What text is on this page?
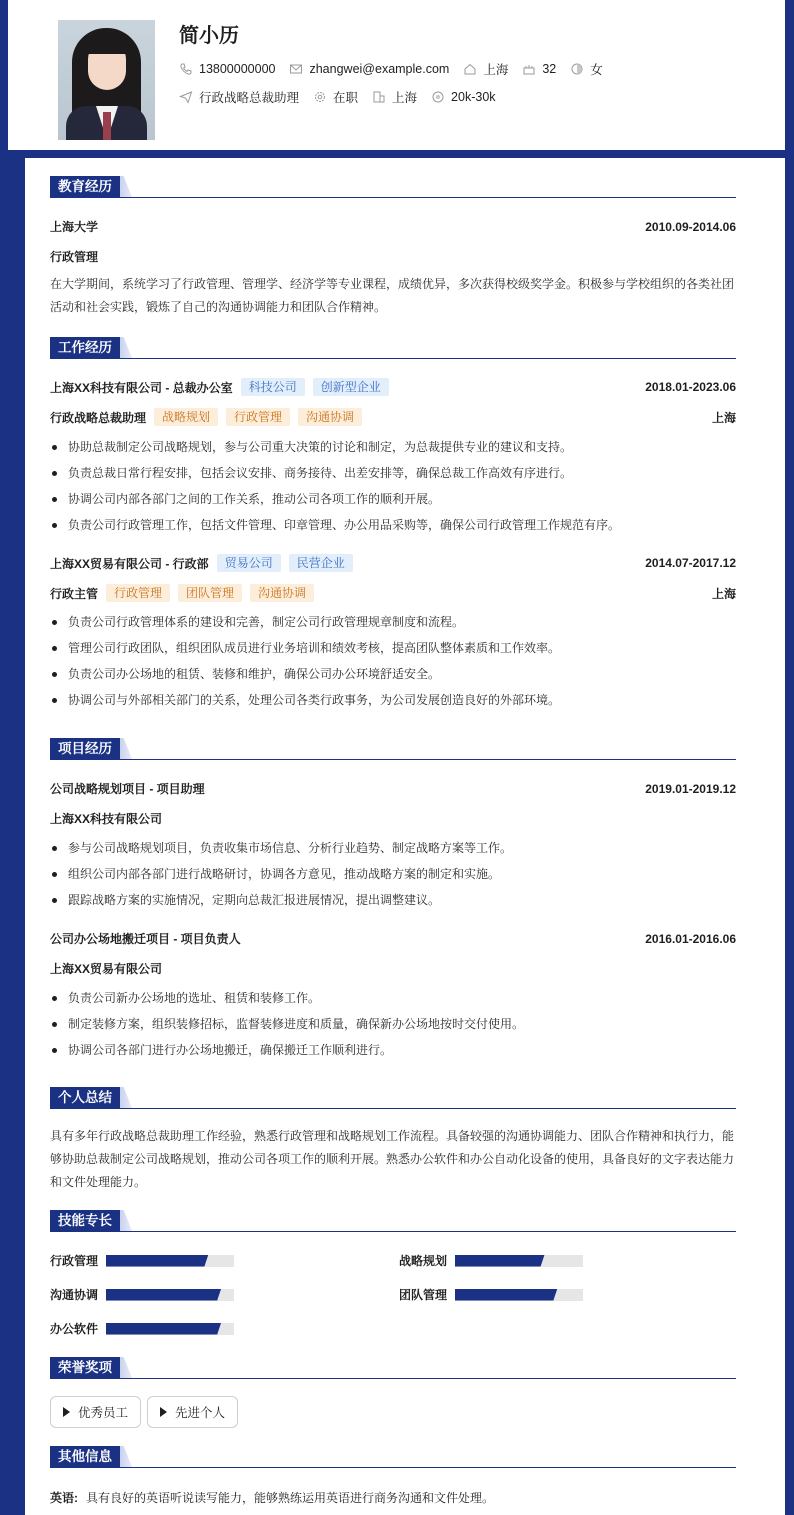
简小历
13800000000	zhangwei@example.com	上海	32	女
行政战略总裁助理	在职	上海	20k-30k
教育经历
上海大学	2010.09-2014.06
行政管理
在大学期间，系统学习了行政管理、管理学、经济学等专业课程，成绩优异，多次获得校级奖学金。积极参与学校组织的各类社团活动和社会实践，锻炼了自己的沟通协调能力和团队合作精神。
工作经历
上海XX科技有限公司 - 总裁办公室	科技公司	创新型企业	2018.01-2023.06
行政战略总裁助理	战略规划	行政管理	沟通协调	上海
协助总裁制定公司战略规划，参与公司重大决策的讨论和制定，为总裁提供专业的建议和支持。
负责总裁日常行程安排，包括会议安排、商务接待、出差安排等，确保总裁工作高效有序进行。
协调公司内部各部门之间的工作关系，推动公司各项工作的顺利开展。
负责公司行政管理工作，包括文件管理、印章管理、办公用品采购等，确保公司行政管理工作规范有序。
上海XX贸易有限公司 - 行政部	贸易公司	民营企业	2014.07-2017.12
行政主管	行政管理	团队管理	沟通协调	上海
负责公司行政管理体系的建设和完善，制定公司行政管理规章制度和流程。
管理公司行政团队，组织团队成员进行业务培训和绩效考核，提高团队整体素质和工作效率。
负责公司办公场地的租赁、装修和维护，确保公司办公环境舒适安全。
协调公司与外部相关部门的关系，处理公司各类行政事务，为公司发展创造良好的外部环境。
项目经历
公司战略规划项目 - 项目助理	2019.01-2019.12
上海XX科技有限公司
参与公司战略规划项目，负责收集市场信息、分析行业趋势、制定战略方案等工作。
组织公司内部各部门进行战略研讨，协调各方意见，推动战略方案的制定和实施。
跟踪战略方案的实施情况，定期向总裁汇报进展情况，提出调整建议。
公司办公场地搬迁项目 - 项目负责人	2016.01-2016.06
上海XX贸易有限公司
负责公司新办公场地的选址、租赁和装修工作。
制定装修方案，组织装修招标，监督装修进度和质量，确保新办公场地按时交付使用。
协调公司各部门进行办公场地搬迁，确保搬迁工作顺利进行。
个人总结
具有多年行政战略总裁助理工作经验，熟悉行政管理和战略规划工作流程。具备较强的沟通协调能力、团队合作精神和执行力，能够协助总裁制定公司战略规划，推动公司各项工作的顺利开展。熟悉办公软件和办公自动化设备的使用，具备良好的文字表达能力和文件处理能力。
技能专长
行政管理	战略规划
沟通协调	团队管理
办公软件
荣誉奖项
优秀员工	先进个人
其他信息
英语: 具有良好的英语听说读写能力，能够熟练运用英语进行商务沟通和文件处理。
